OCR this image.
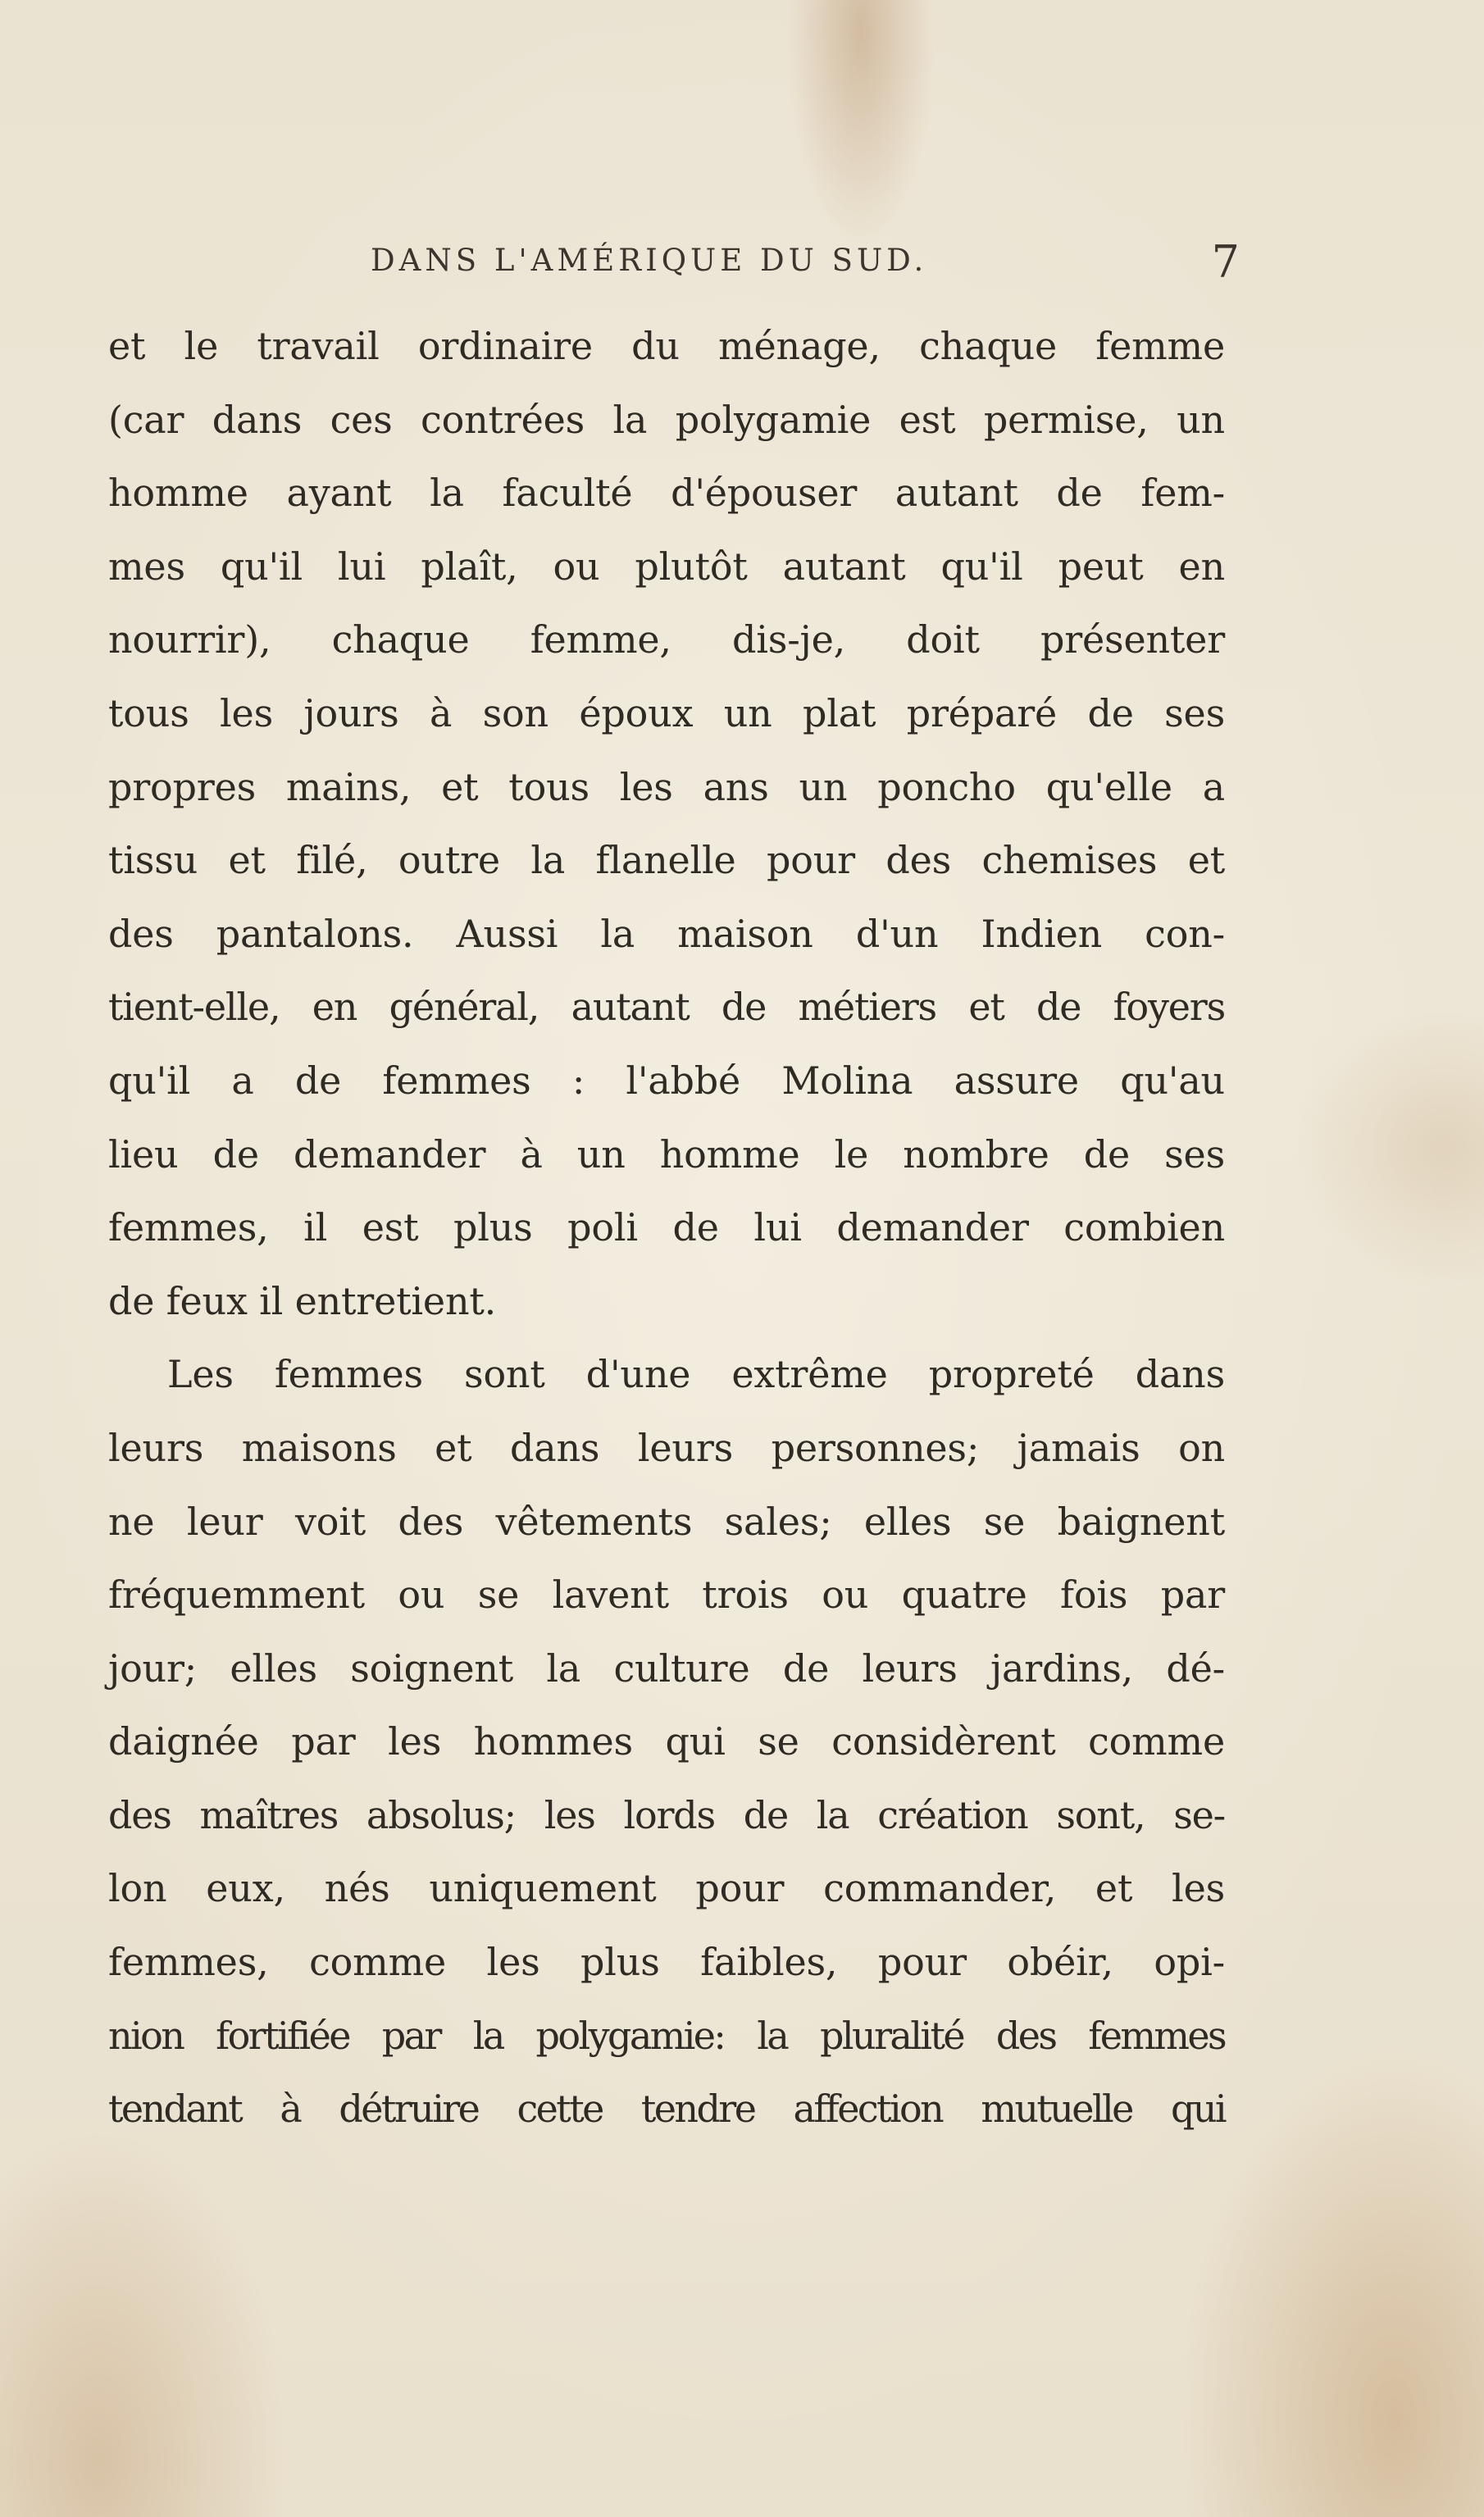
DANS L'AMÉRIQUE DU SUD.	7
et le travail ordinaire du ménage, chaque femme
(car dans ces contrées la polygamie est permise, un
homme ayant la faculté d'épouser autant de fem-
mes qu'il lui plaît, ou plutôt autant qu'il peut en
nourrir), chaque femme, dis-je, doit présenter
tous les jours à son époux un plat préparé de ses
propres mains, et tous les ans un poncho qu'elle a
tissu et filé, outre la flanelle pour des chemises et
des pantalons. Aussi la maison d'un Indien con-
tient-elle, en général, autant de métiers et de foyers
qu'il a de femmes : l'abbé Molina assure qu'au
lieu de demander à un homme le nombre de ses
femmes, il est plus poli de lui demander combien
de feux il entretient.
Les femmes sont d'une extrême propreté dans
leurs maisons et dans leurs personnes; jamais on
ne leur voit des vêtements sales; elles se baignent
fréquemment ou se lavent trois ou quatre fois par
jour; elles soignent la culture de leurs jardins, dé-
daignée par les hommes qui se considèrent comme
des maîtres absolus; les lords de la création sont, se-
lon eux, nés uniquement pour commander, et les
femmes, comme les plus faibles, pour obéir, opi-
nion fortifiée par la polygamie: la pluralité des femmes
tendant à détruire cette tendre affection mutuelle qui
